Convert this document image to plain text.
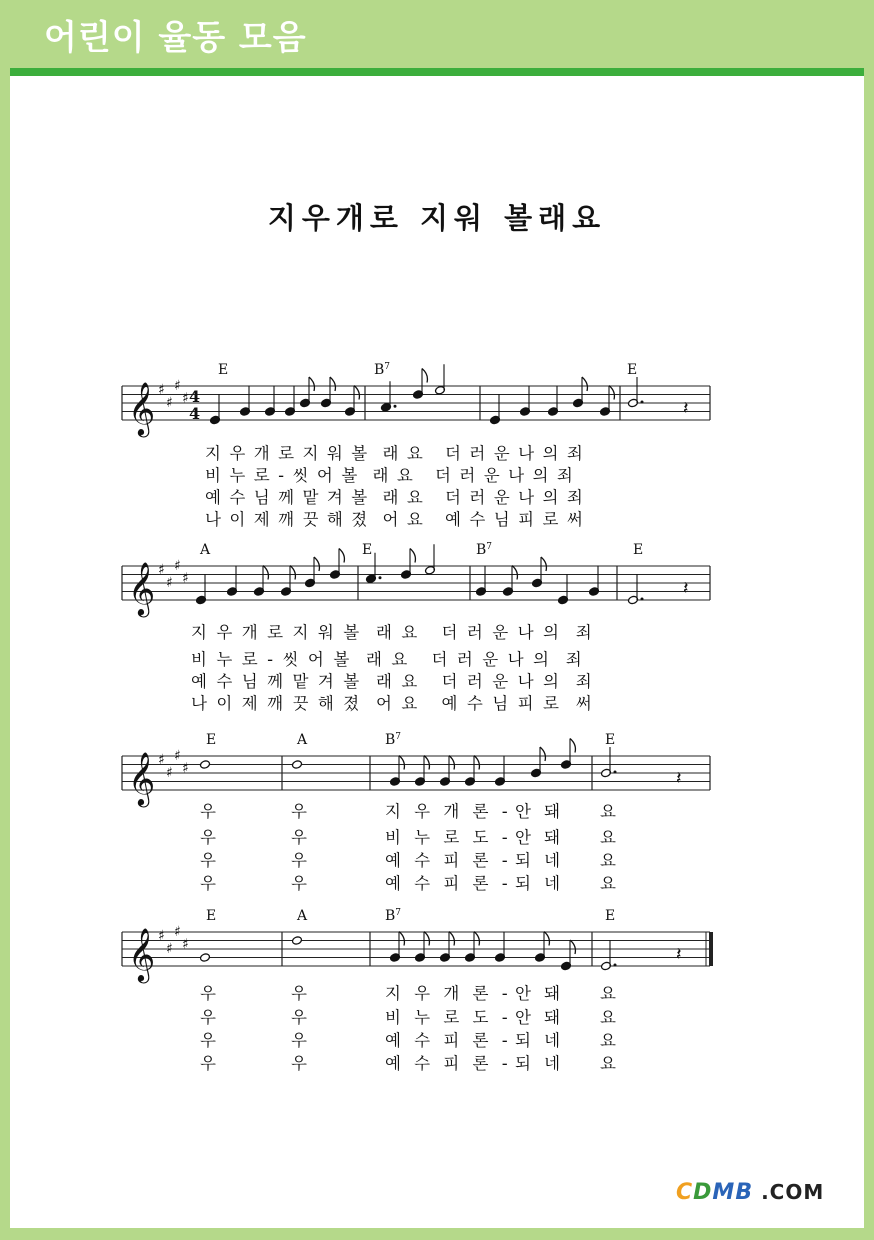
어린이 율동 모음
지우개로 지워 볼래요
𝄞 ♯
♯
♯
♯ 4
4
E	$B^7$	E
𝄽
𝄞 ♯
♯
♯
♯
A	E	$B^7$	E
𝄽
𝄞 ♯
♯
♯
♯
E	A	$B^7$	E
𝄽
𝄞 ♯
♯
♯
♯
E	A	$B^7$	E
𝄽
지 우 개 로 지 워 볼  래 요   더 러 운 나 의 죄
비 누 로 - 씻 어 볼  래 요   더 러 운 나 의 죄
예 수 님 께 맡 겨 볼  래 요   더 러 운 나 의 죄
나 이 제 깨 끗 해 졌  어 요   예 수 님 피 로 써
지 우 개 로 지 워 볼  래 요   더 러 운 나 의  죄
비 누 로 - 씻 어 볼  래 요   더 러 운 나 의  죄
예 수 님 께 맡 겨 볼  래 요   더 러 운 나 의  죄
나 이 제 깨 끗 해 졌  어 요   예 수 님 피 로  써
우	우	지 우 개 론 - 안 돼 요
우	우	비 누 로 도 - 안 돼 요
우	우	예 수 피 론 - 되 네 요
우	우	예 수 피 론 - 되 네 요
우	우	지 우 개 론 - 안 돼 요
우	우	비 누 로 도 - 안 돼 요
우	우	예 수 피 론 - 되 네 요
우	우	예 수 피 론 - 되 네 요
CDMB .COM
